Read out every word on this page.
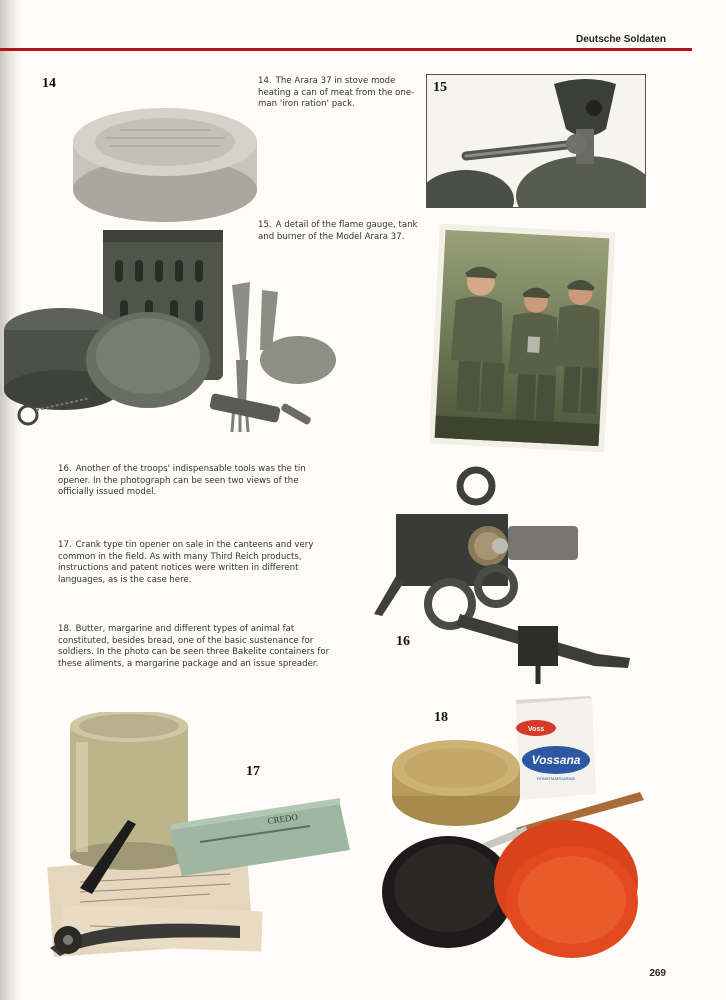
Deutsche Soldaten
14	14. The Arara 37 in stove mode heating a can of meat from the one-man 'iron ration' pack.
15
15. A detail of the flame gauge, tank and burner of the Model Arara 37.
16. Another of the troops' indispensable tools was the tin opener. In the photograph can be seen two views of the officially issued model.
17. Crank type tin opener on sale in the canteens and very common in the field. As with many Third Reich products, instructions and patent notices were written in different languages, as is the case here.
18. Butter, margarine and different types of animal fat constituted, besides bread, one of the basic sustenance for soldiers. In the photo can be seen three Bakelite containers for these aliments, a margarine package and an issue spreader.
16
CREDO
17
18
Voss
Vossana
FEINSTMARGARINE
269
